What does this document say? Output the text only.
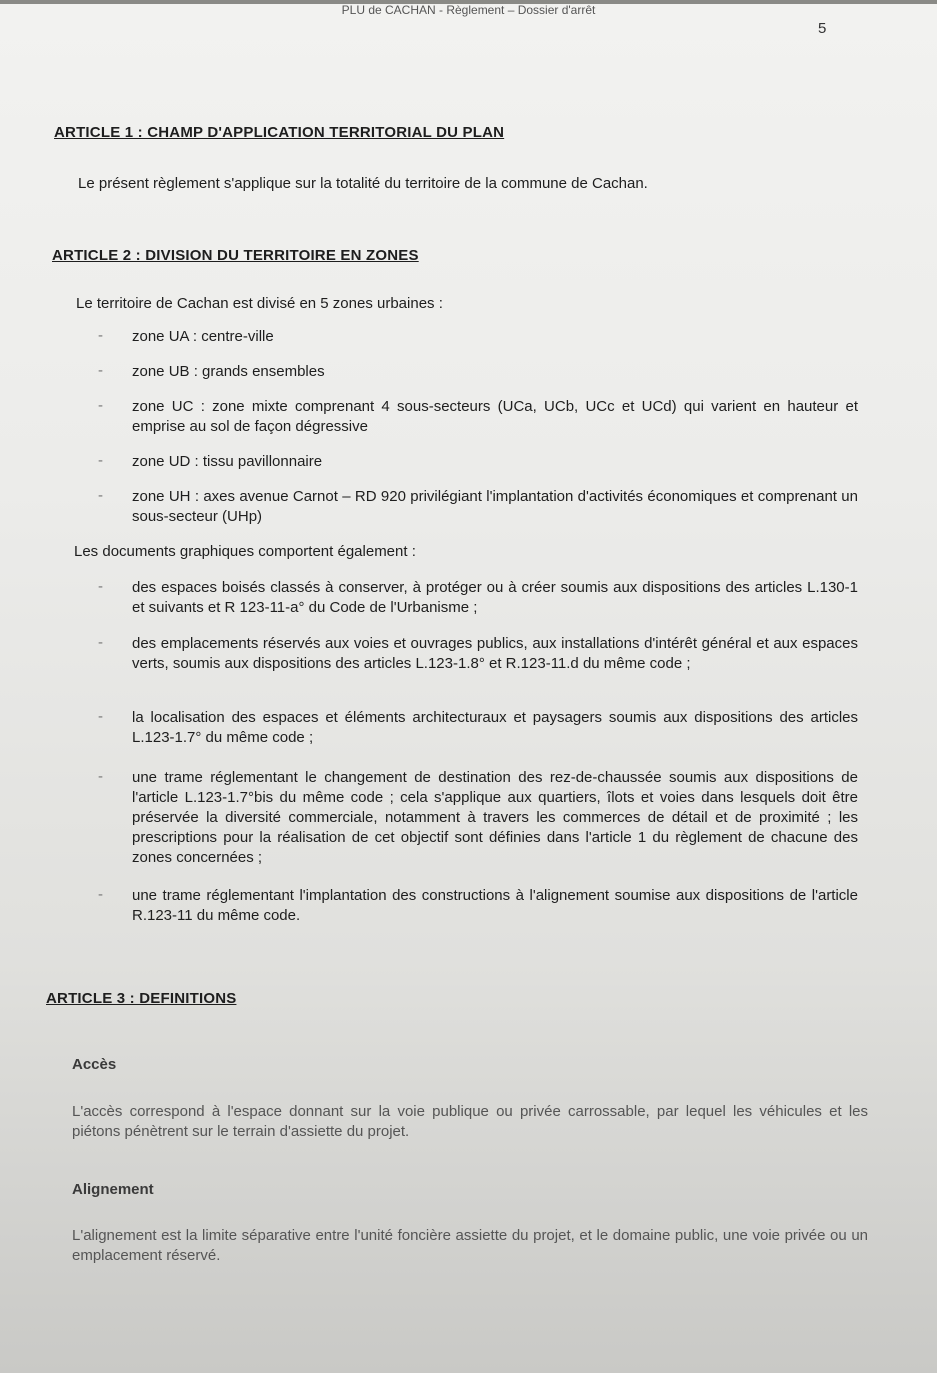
PLU de CACHAN - Règlement – Dossier d'arrêt
5
ARTICLE 1 : CHAMP D'APPLICATION TERRITORIAL DU PLAN
Le présent règlement s'applique sur la totalité du territoire de la commune de Cachan.
ARTICLE 2 : DIVISION DU TERRITOIRE EN ZONES
Le territoire de Cachan est divisé en 5 zones urbaines :
- zone UA : centre-ville
- zone UB : grands ensembles
- zone UC : zone mixte comprenant 4 sous-secteurs (UCa, UCb, UCc et UCd) qui varient en hauteur et emprise au sol de façon dégressive
- zone UD : tissu pavillonnaire
- zone UH : axes avenue Carnot – RD 920 privilégiant l'implantation d'activités économiques et comprenant un sous-secteur (UHp)
Les documents graphiques comportent également :
- des espaces boisés classés à conserver, à protéger ou à créer soumis aux dispositions des articles L.130-1 et suivants et R 123-11-a° du Code de l'Urbanisme ;
- des emplacements réservés aux voies et ouvrages publics, aux installations d'intérêt général et aux espaces verts, soumis aux dispositions des articles L.123-1.8° et R.123-11.d du même code ;
- la localisation des espaces et éléments architecturaux et paysagers soumis aux dispositions des articles L.123-1.7° du même code ;
- une trame réglementant le changement de destination des rez-de-chaussée soumis aux dispositions de l'article L.123-1.7°bis du même code ; cela s'applique aux quartiers, îlots et voies dans lesquels doit être préservée la diversité commerciale, notamment à travers les commerces de détail et de proximité ; les prescriptions pour la réalisation de cet objectif sont définies dans l'article 1 du règlement de chacune des zones concernées ;
- une trame réglementant l'implantation des constructions à l'alignement soumise aux dispositions de l'article R.123-11 du même code.
ARTICLE 3 : DEFINITIONS
Accès
L'accès correspond à l'espace donnant sur la voie publique ou privée carrossable, par lequel les véhicules et les piétons pénètrent sur le terrain d'assiette du projet.
Alignement
L'alignement est la limite séparative entre l'unité foncière assiette du projet, et le domaine public, une voie privée ou un emplacement réservé.
